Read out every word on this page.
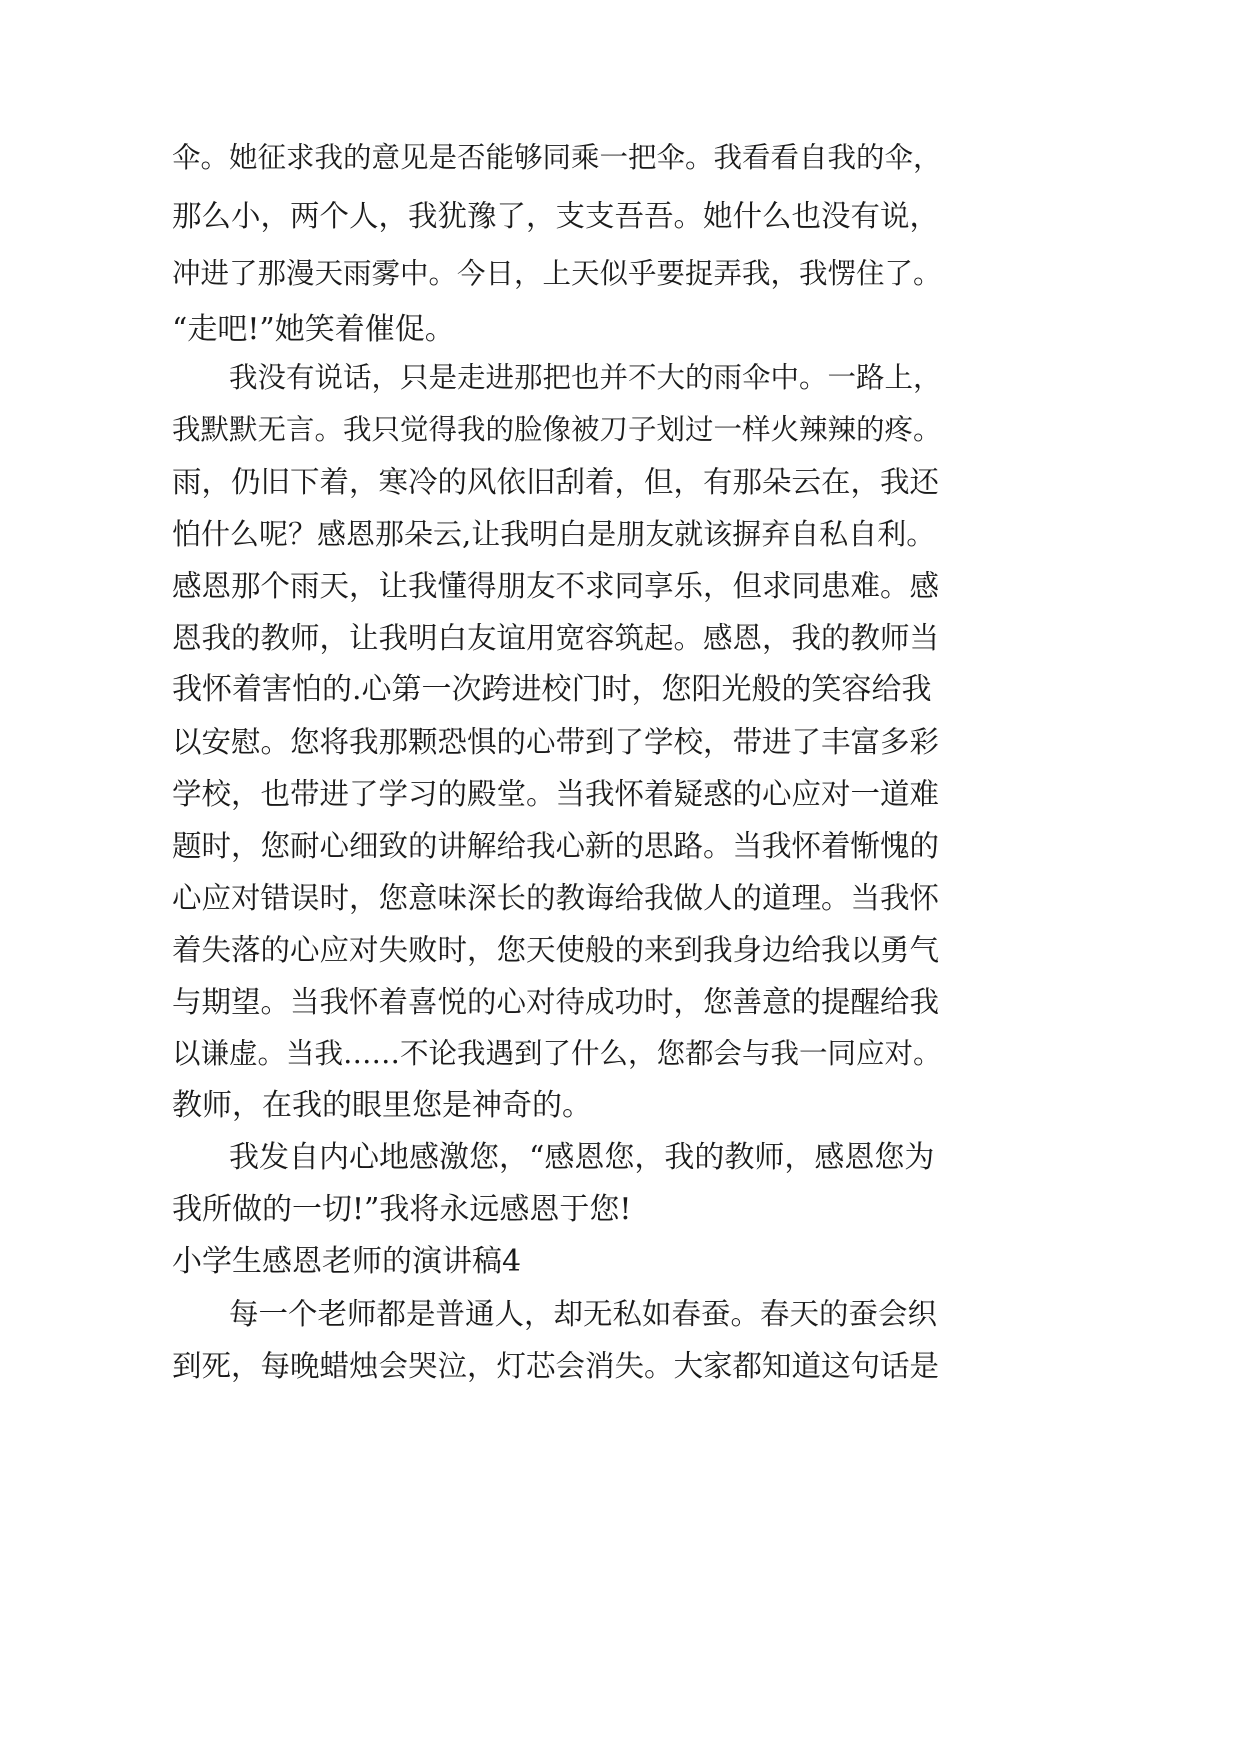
伞。她征求我的意见是否能够同乘一把伞。我看看自我的伞，
那么小，两个人，我犹豫了，支支吾吾。她什么也没有说，
冲进了那漫天雨雾中。今日，上天似乎要捉弄我，我愣住了。
“走吧!”她笑着催促。
我没有说话，只是走进那把也并不大的雨伞中。一路上，
我默默无言。我只觉得我的脸像被刀子划过一样火辣辣的疼。
雨，仍旧下着，寒冷的风依旧刮着，但，有那朵云在，我还
怕什么呢？感恩那朵云,让我明白是朋友就该摒弃自私自利。
感恩那个雨天，让我懂得朋友不求同享乐，但求同患难。感
恩我的教师，让我明白友谊用宽容筑起。感恩，我的教师当
我怀着害怕的.心第一次跨进校门时，您阳光般的笑容给我
以安慰。您将我那颗恐惧的心带到了学校，带进了丰富多彩
学校，也带进了学习的殿堂。当我怀着疑惑的心应对一道难
题时，您耐心细致的讲解给我心新的思路。当我怀着惭愧的
心应对错误时，您意味深长的教诲给我做人的道理。当我怀
着失落的心应对失败时，您天使般的来到我身边给我以勇气
与期望。当我怀着喜悦的心对待成功时，您善意的提醒给我
以谦虚。当我……不论我遇到了什么，您都会与我一同应对。
教师，在我的眼里您是神奇的。
我发自内心地感激您，“感恩您，我的教师，感恩您为
我所做的一切!”我将永远感恩于您!
小学生感恩老师的演讲稿4
每一个老师都是普通人，却无私如春蚕。春天的蚕会织
到死，每晚蜡烛会哭泣，灯芯会消失。大家都知道这句话是
